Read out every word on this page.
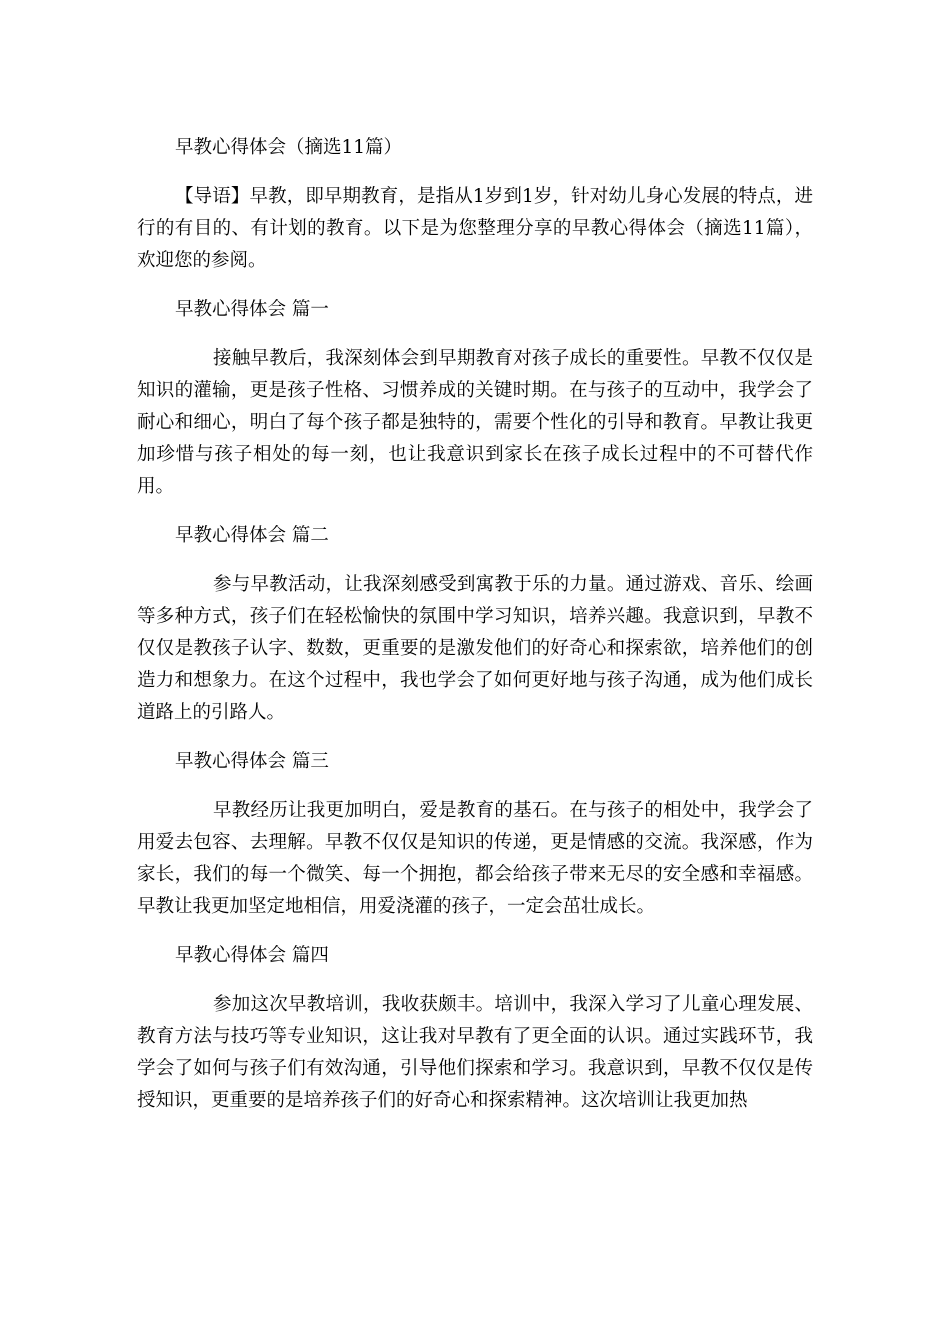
早教心得体会（摘选11篇）

【导语】早教，即早期教育，是指从1岁到1岁，针对幼儿身心发展的特点，进行的有目的、有计划的教育。以下是为您整理分享的早教心得体会（摘选11篇），欢迎您的参阅。

早教心得体会 篇一

接触早教后，我深刻体会到早期教育对孩子成长的重要性。早教不仅仅是知识的灌输，更是孩子性格、习惯养成的关键时期。在与孩子的互动中，我学会了耐心和细心，明白了每个孩子都是独特的，需要个性化的引导和教育。早教让我更加珍惜与孩子相处的每一刻，也让我意识到家长在孩子成长过程中的不可替代作用。

早教心得体会 篇二

参与早教活动，让我深刻感受到寓教于乐的力量。通过游戏、音乐、绘画等多种方式，孩子们在轻松愉快的氛围中学习知识，培养兴趣。我意识到，早教不仅仅是教孩子认字、数数，更重要的是激发他们的好奇心和探索欲，培养他们的创造力和想象力。在这个过程中，我也学会了如何更好地与孩子沟通，成为他们成长道路上的引路人。

早教心得体会 篇三

早教经历让我更加明白，爱是教育的基石。在与孩子的相处中，我学会了用爱去包容、去理解。早教不仅仅是知识的传递，更是情感的交流。我深感，作为家长，我们的每一个微笑、每一个拥抱，都会给孩子带来无尽的安全感和幸福感。早教让我更加坚定地相信，用爱浇灌的孩子，一定会茁壮成长。

早教心得体会 篇四

参加这次早教培训，我收获颇丰。培训中，我深入学习了儿童心理发展、教育方法与技巧等专业知识，这让我对早教有了更全面的认识。通过实践环节，我学会了如何与孩子们有效沟通，引导他们探索和学习。我意识到，早教不仅仅是传授知识，更重要的是培养孩子们的好奇心和探索精神。这次培训让我更加热
